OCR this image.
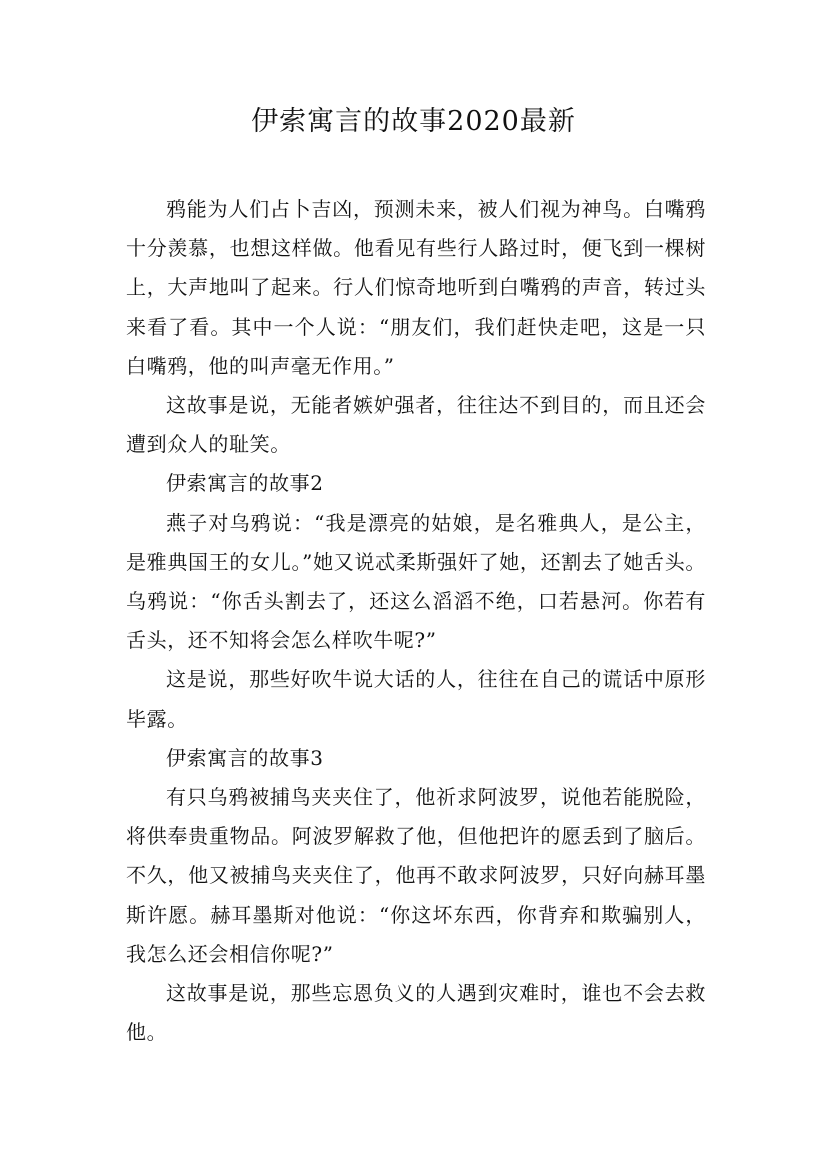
伊索寓言的故事2020最新

鸦能为人们占卜吉凶，预测未来，被人们视为神鸟。白嘴鸦十分羡慕，也想这样做。他看见有些行人路过时，便飞到一棵树上，大声地叫了起来。行人们惊奇地听到白嘴鸦的声音，转过头来看了看。其中一个人说：“朋友们，我们赶快走吧，这是一只白嘴鸦，他的叫声毫无作用。”

这故事是说，无能者嫉妒强者，往往达不到目的，而且还会遭到众人的耻笑。

伊索寓言的故事2

燕子对乌鸦说：“我是漂亮的姑娘，是名雅典人，是公主，是雅典国王的女儿。”她又说忒柔斯强奸了她，还割去了她舌头。乌鸦说：“你舌头割去了，还这么滔滔不绝，口若悬河。你若有舌头，还不知将会怎么样吹牛呢?”

这是说，那些好吹牛说大话的人，往往在自己的谎话中原形毕露。

伊索寓言的故事3

有只乌鸦被捕鸟夹夹住了，他祈求阿波罗，说他若能脱险，将供奉贵重物品。阿波罗解救了他，但他把许的愿丢到了脑后。不久，他又被捕鸟夹夹住了，他再不敢求阿波罗，只好向赫耳墨斯许愿。赫耳墨斯对他说：“你这坏东西，你背弃和欺骗别人，我怎么还会相信你呢?”

这故事是说，那些忘恩负义的人遇到灾难时，谁也不会去救他。
